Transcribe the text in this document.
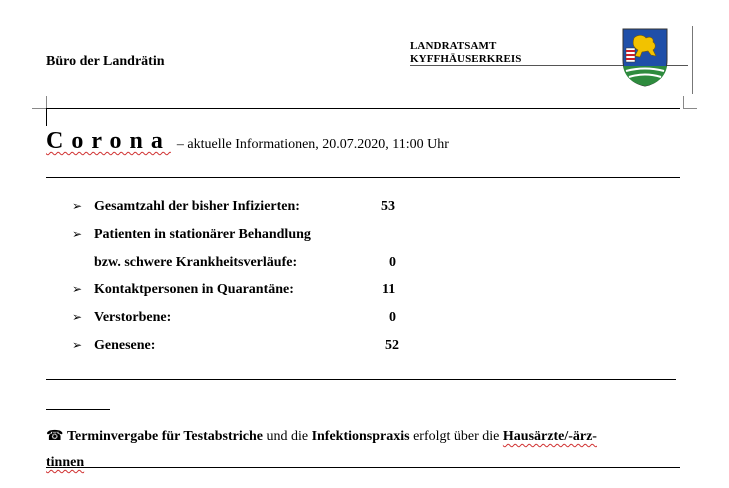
Büro der Landrätin
LANDRATSAMT
KYFFHÄUSERKREIS
Corona – aktuelle Informationen, 20.07.2020, 11:00 Uhr
➢ Gesamtzahl der bisher Infizierten:	53
➢ Patienten in stationärer Behandlung
bzw. schwere Krankheitsverläufe:	0
➢ Kontaktpersonen in Quarantäne:	11
➢ Verstorbene:	0
➢ Genesene:	52
☎ Terminvergabe für Testabstriche und die Infektionspraxis erfolgt über die Hausärzte/-ärz-
tinnen
